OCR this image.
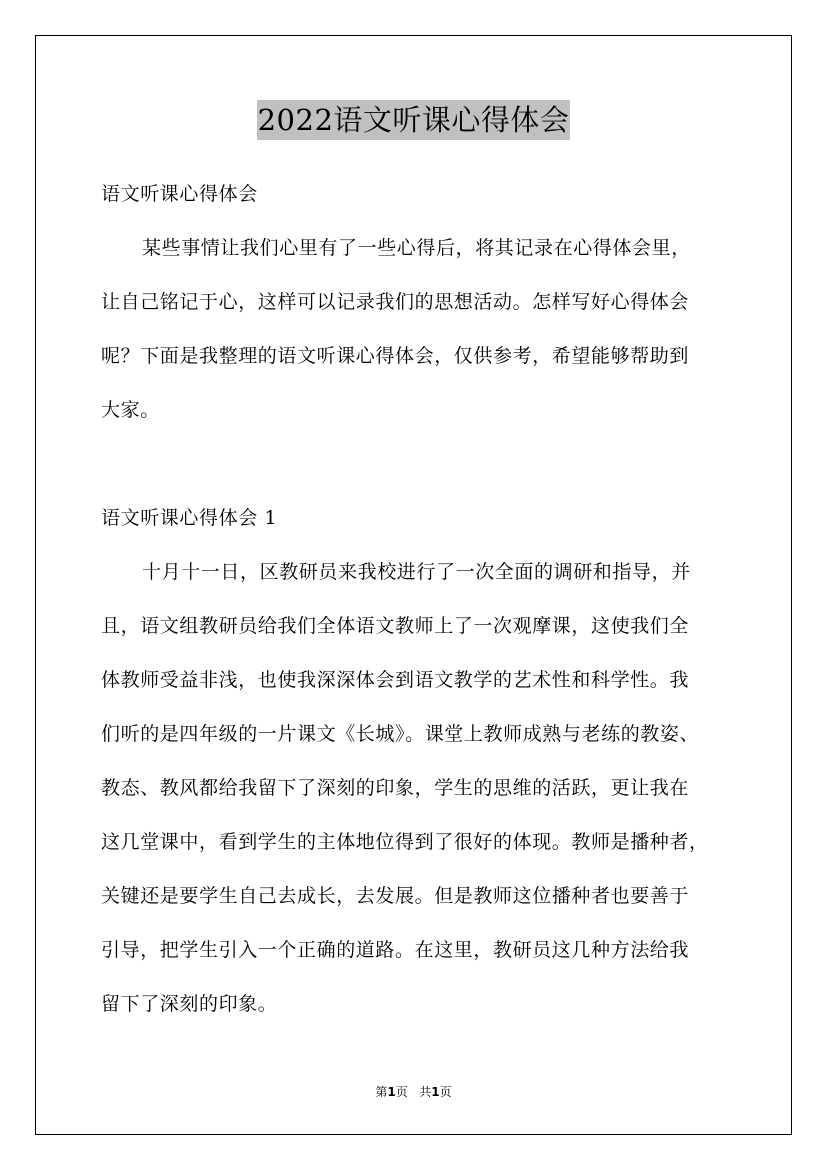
2022语文听课心得体会
语文听课心得体会
某些事情让我们心里有了一些心得后，将其记录在心得体会里，
让自己铭记于心，这样可以记录我们的思想活动。怎样写好心得体会
呢？下面是我整理的语文听课心得体会，仅供参考，希望能够帮助到
大家。
语文听课心得体会 1
十月十一日，区教研员来我校进行了一次全面的调研和指导，并
且，语文组教研员给我们全体语文教师上了一次观摩课，这使我们全
体教师受益非浅，也使我深深体会到语文教学的艺术性和科学性。我
们听的是四年级的一片课文《长城》。课堂上教师成熟与老练的教姿、
教态、教风都给我留下了深刻的印象，学生的思维的活跃，更让我在
这几堂课中，看到学生的主体地位得到了很好的体现。教师是播种者，
关键还是要学生自己去成长，去发展。但是教师这位播种者也要善于
引导，把学生引入一个正确的道路。在这里，教研员这几种方法给我
留下了深刻的印象。
第1页 共1页
